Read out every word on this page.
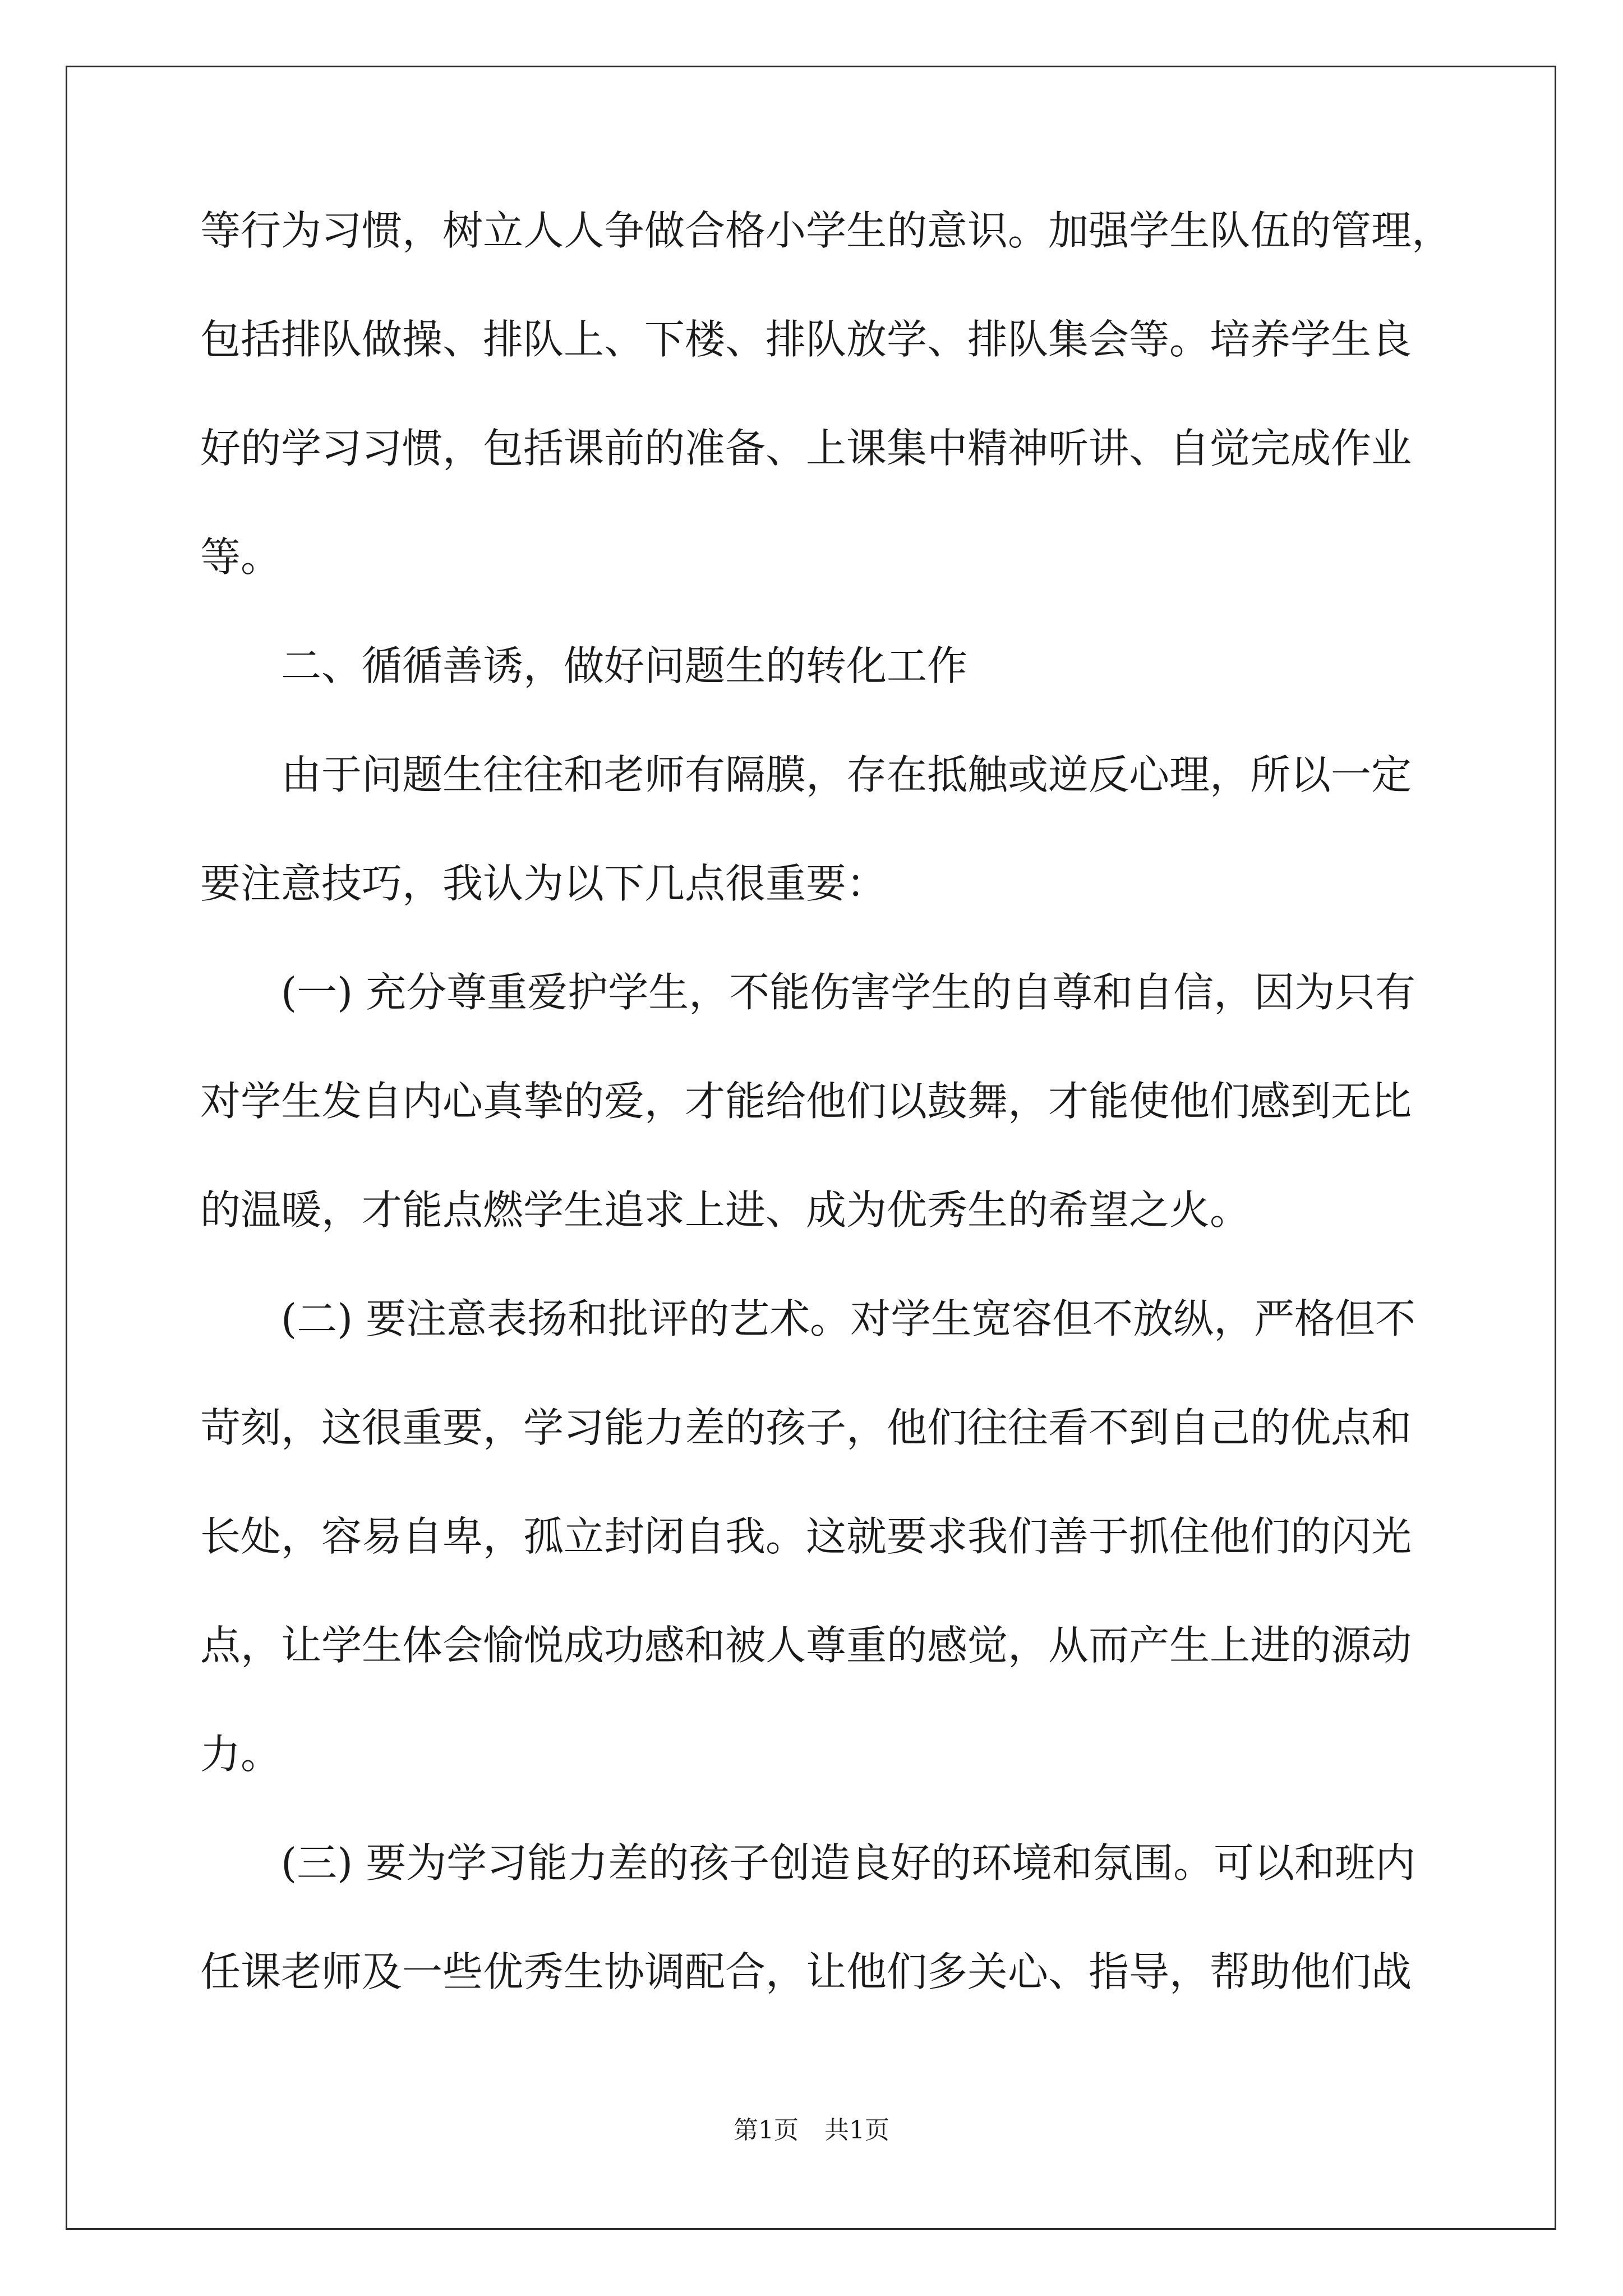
等行为习惯，树立人人争做合格小学生的意识。加强学生队伍的管理，
包括排队做操、排队上、下楼、排队放学、排队集会等。培养学生良
好的学习习惯，包括课前的准备、上课集中精神听讲、自觉完成作业
等。
二、循循善诱，做好问题生的转化工作
由于问题生往往和老师有隔膜，存在抵触或逆反心理，所以一定
要注意技巧，我认为以下几点很重要：
(一) 充分尊重爱护学生，不能伤害学生的自尊和自信，因为只有
对学生发自内心真挚的爱，才能给他们以鼓舞，才能使他们感到无比
的温暖，才能点燃学生追求上进、成为优秀生的希望之火。
(二) 要注意表扬和批评的艺术。对学生宽容但不放纵，严格但不
苛刻，这很重要，学习能力差的孩子，他们往往看不到自己的优点和
长处，容易自卑，孤立封闭自我。这就要求我们善于抓住他们的闪光
点，让学生体会愉悦成功感和被人尊重的感觉，从而产生上进的源动
力。
(三) 要为学习能力差的孩子创造良好的环境和氛围。可以和班内
任课老师及一些优秀生协调配合，让他们多关心、指导，帮助他们战
第1页 共1页
